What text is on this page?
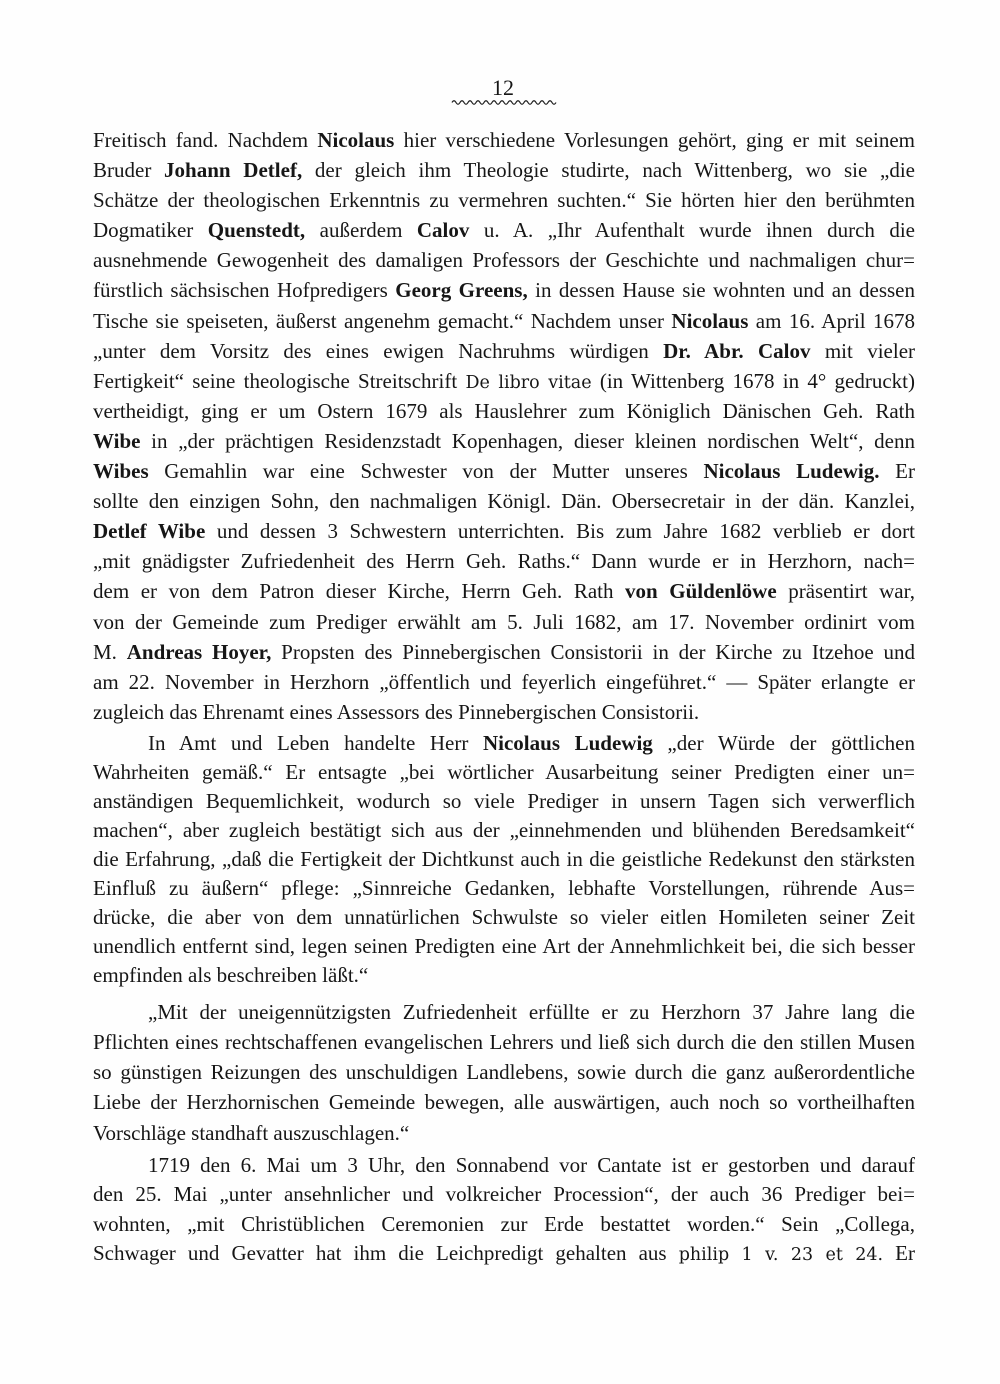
12
Freitisch fand. Nachdem Nicolaus hier verschiedene Vorlesungen gehört, ging er mit seinem
Bruder Johann Detlef, der gleich ihm Theologie studirte, nach Wittenberg, wo sie „die
Schätze der theologischen Erkenntnis zu vermehren suchten.“ Sie hörten hier den berühmten
Dogmatiker Quenstedt, außerdem Calov u. A. „Ihr Aufenthalt wurde ihnen durch die
ausnehmende Gewogenheit des damaligen Professors der Geschichte und nachmaligen chur=
fürstlich sächsischen Hofpredigers Georg Greens, in dessen Hause sie wohnten und an dessen
Tische sie speiseten, äußerst angenehm gemacht.“ Nachdem unser Nicolaus am 16. April 1678
„unter dem Vorsitz des eines ewigen Nachruhms würdigen Dr. Abr. Calov mit vieler
Fertigkeit“ seine theologische Streitschrift De libro vitae (in Wittenberg 1678 in 4° gedruckt)
vertheidigt, ging er um Ostern 1679 als Hauslehrer zum Königlich Dänischen Geh. Rath
Wibe in „der prächtigen Residenzstadt Kopenhagen, dieser kleinen nordischen Welt“, denn
Wibes Gemahlin war eine Schwester von der Mutter unseres Nicolaus Ludewig. Er
sollte den einzigen Sohn, den nachmaligen Königl. Dän. Obersecretair in der dän. Kanzlei,
Detlef Wibe und dessen 3 Schwestern unterrichten. Bis zum Jahre 1682 verblieb er dort
„mit gnädigster Zufriedenheit des Herrn Geh. Raths.“ Dann wurde er in Herzhorn, nach=
dem er von dem Patron dieser Kirche, Herrn Geh. Rath von Güldenlöwe präsentirt war,
von der Gemeinde zum Prediger erwählt am 5. Juli 1682, am 17. November ordinirt vom
M. Andreas Hoyer, Propsten des Pinnebergischen Consistorii in der Kirche zu Itzehoe und
am 22. November in Herzhorn „öffentlich und feyerlich eingeführet.“ — Später erlangte er
zugleich das Ehrenamt eines Assessors des Pinnebergischen Consistorii.
In Amt und Leben handelte Herr Nicolaus Ludewig „der Würde der göttlichen
Wahrheiten gemäß.“ Er entsagte „bei wörtlicher Ausarbeitung seiner Predigten einer un=
anständigen Bequemlichkeit, wodurch so viele Prediger in unsern Tagen sich verwerflich
machen“, aber zugleich bestätigt sich aus der „einnehmenden und blühenden Beredsamkeit“
die Erfahrung, „daß die Fertigkeit der Dichtkunst auch in die geistliche Redekunst den stärksten
Einfluß zu äußern“ pflege: „Sinnreiche Gedanken, lebhafte Vorstellungen, rührende Aus=
drücke, die aber von dem unnatürlichen Schwulste so vieler eitlen Homileten seiner Zeit
unendlich entfernt sind, legen seinen Predigten eine Art der Annehmlichkeit bei, die sich besser
empfinden als beschreiben läßt.“
„Mit der uneigennützigsten Zufriedenheit erfüllte er zu Herzhorn 37 Jahre lang die
Pflichten eines rechtschaffenen evangelischen Lehrers und ließ sich durch die den stillen Musen
so günstigen Reizungen des unschuldigen Landlebens, sowie durch die ganz außerordentliche
Liebe der Herzhornischen Gemeinde bewegen, alle auswärtigen, auch noch so vortheilhaften
Vorschläge standhaft auszuschlagen.“
1719 den 6. Mai um 3 Uhr, den Sonnabend vor Cantate ist er gestorben und darauf
den 25. Mai „unter ansehnlicher und volkreicher Procession“, der auch 36 Prediger bei=
wohnten, „mit Christüblichen Ceremonien zur Erde bestattet worden.“ Sein „Collega,
Schwager und Gevatter hat ihm die Leichpredigt gehalten aus philip 1 v. 23 et 24. Er
